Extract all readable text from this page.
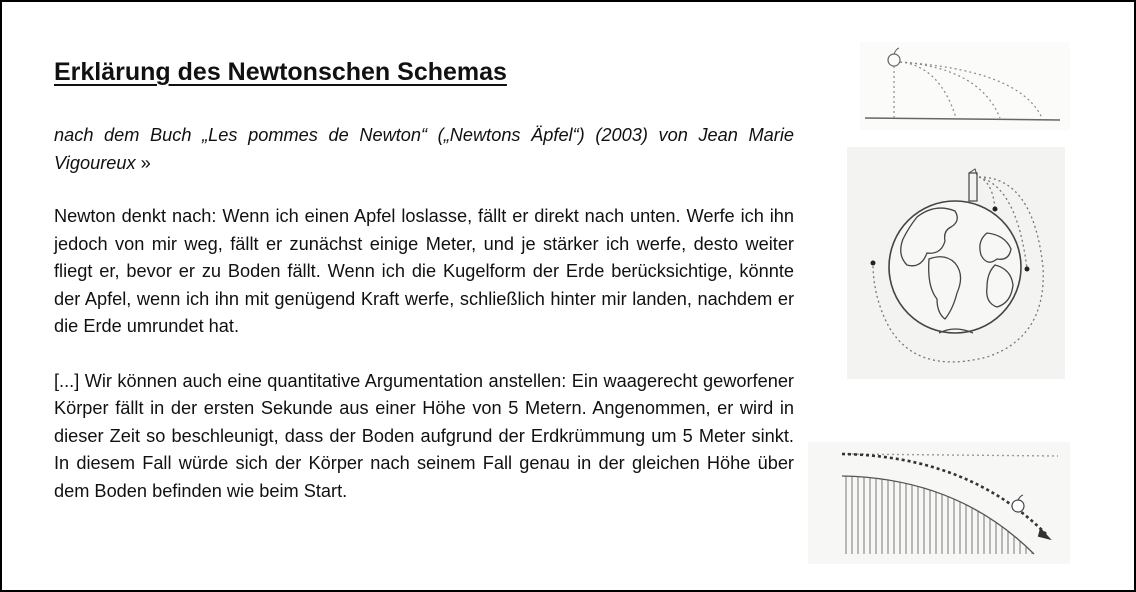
Erklärung des Newtonschen Schemas

nach dem Buch „Les pommes de Newton“ („Newtons Äpfel“) (2003) von Jean Marie Vigoureux »

Newton denkt nach: Wenn ich einen Apfel loslasse, fällt er direkt nach unten. Werfe ich ihn jedoch von mir weg, fällt er zunächst einige Meter, und je stärker ich werfe, desto weiter fliegt er, bevor er zu Boden fällt. Wenn ich die Kugelform der Erde berücksichtige, könnte der Apfel, wenn ich ihn mit genügend Kraft werfe, schließlich hinter mir landen, nachdem er die Erde umrundet hat.

[...] Wir können auch eine quantitative Argumentation anstellen: Ein waagerecht geworfener Körper fällt in der ersten Sekunde aus einer Höhe von 5 Metern. Angenommen, er wird in dieser Zeit so beschleunigt, dass der Boden aufgrund der Erdkrümmung um 5 Meter sinkt. In diesem Fall würde sich der Körper nach seinem Fall genau in der gleichen Höhe über dem Boden befinden wie beim Start.
